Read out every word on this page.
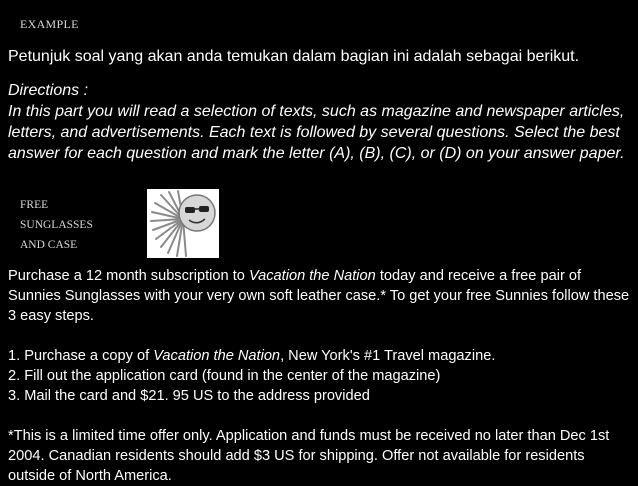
EXAMPLE
Petunjuk soal yang akan anda temukan dalam bagian ini adalah sebagai berikut.

Directions :

In this part you will read a selection of texts, such as magazine and newspaper articles, letters, and advertisements. Each text is followed by several questions. Select the best answer for each question and mark the letter (A), (B), (C), or (D) on your answer paper.

FREE
SUNGLASSES
AND CASE

Purchase a 12 month subscription to Vacation the Nation today and receive a free pair of Sunnies Sunglasses with your very own soft leather case.* To get your free Sunnies follow these 3 easy steps.

1. Purchase a copy of Vacation the Nation, New York's #1 Travel magazine.

2. Fill out the application card (found in the center of the magazine)

3. Mail the card and $21. 95 US to the address provided

*This is a limited time offer only. Application and funds must be received no later than Dec 1st 2004. Canadian residents should add $3 US for shipping. Offer not available for residents outside of North America.
